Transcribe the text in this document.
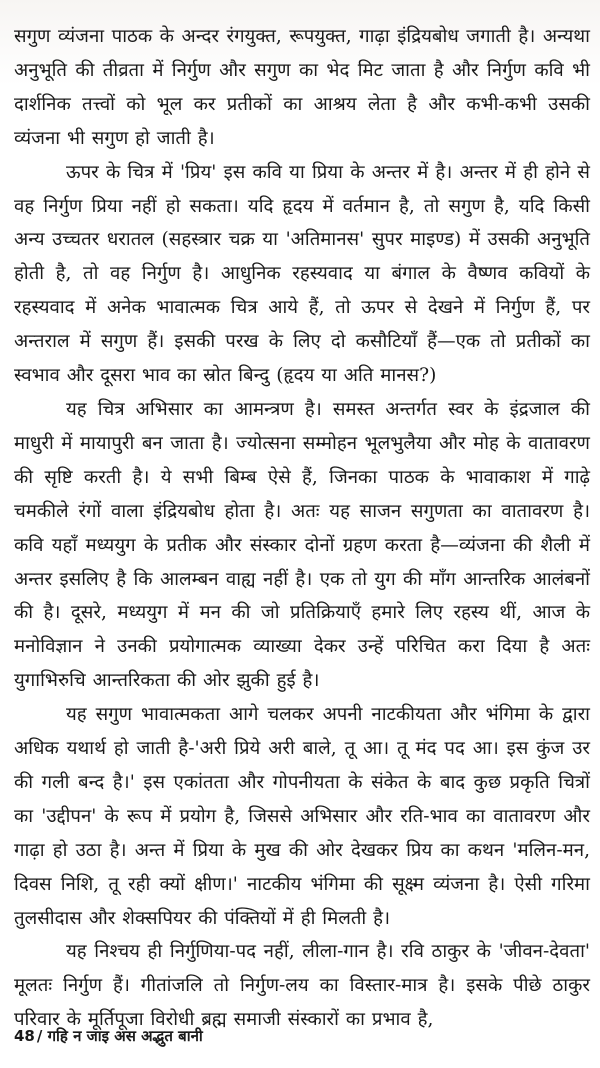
सगुण व्यंजना पाठक के अन्दर रंगयुक्त, रूपयुक्त, गाढ़ा इंद्रियबोध जगाती है। अन्यथा अनुभूति की तीव्रता में निर्गुण और सगुण का भेद मिट जाता है और निर्गुण कवि भी दार्शनिक तत्त्वों को भूल कर प्रतीकों का आश्रय लेता है और कभी-कभी उसकी व्यंजना भी सगुण हो जाती है।

ऊपर के चित्र में 'प्रिय' इस कवि या प्रिया के अन्तर में है। अन्तर में ही होने से वह निर्गुण प्रिया नहीं हो सकता। यदि हृदय में वर्तमान है, तो सगुण है, यदि किसी अन्य उच्चतर धरातल (सहस्त्रार चक्र या 'अतिमानस' सुपर माइण्ड) में उसकी अनुभूति होती है, तो वह निर्गुण है। आधुनिक रहस्यवाद या बंगाल के वैष्णव कवियों के रहस्यवाद में अनेक भावात्मक चित्र आये हैं, तो ऊपर से देखने में निर्गुण हैं, पर अन्तराल में सगुण हैं। इसकी परख के लिए दो कसौटियाँ हैं—एक तो प्रतीकों का स्वभाव और दूसरा भाव का स्रोत बिन्दु (हृदय या अति मानस?)

यह चित्र अभिसार का आमन्त्रण है। समस्त अन्तर्गत स्वर के इंद्रजाल की माधुरी में मायापुरी बन जाता है। ज्योत्सना सम्मोहन भूलभुलैया और मोह के वातावरण की सृष्टि करती है। ये सभी बिम्ब ऐसे हैं, जिनका पाठक के भावाकाश में गाढ़े चमकीले रंगों वाला इंद्रियबोध होता है। अतः यह साजन सगुणता का वातावरण है। कवि यहाँ मध्ययुग के प्रतीक और संस्कार दोनों ग्रहण करता है—व्यंजना की शैली में अन्तर इसलिए है कि आलम्बन वाह्य नहीं है। एक तो युग की माँग आन्तरिक आलंबनों की है। दूसरे, मध्ययुग में मन की जो प्रतिक्रियाएँ हमारे लिए रहस्य थीं, आज के मनोविज्ञान ने उनकी प्रयोगात्मक व्याख्या देकर उन्हें परिचित करा दिया है अतः युगाभिरुचि आन्तरिकता की ओर झुकी हुई है।

यह सगुण भावात्मकता आगे चलकर अपनी नाटकीयता और भंगिमा के द्वारा अधिक यथार्थ हो जाती है-'अरी प्रिये अरी बाले, तू आ। तू मंद पद आ। इस कुंज उर की गली बन्द है।' इस एकांतता और गोपनीयता के संकेत के बाद कुछ प्रकृति चित्रों का 'उद्दीपन' के रूप में प्रयोग है, जिससे अभिसार और रति-भाव का वातावरण और गाढ़ा हो उठा है। अन्त में प्रिया के मुख की ओर देखकर प्रिय का कथन 'मलिन-मन, दिवस निशि, तू रही क्यों क्षीण।' नाटकीय भंगिमा की सूक्ष्म व्यंजना है। ऐसी गरिमा तुलसीदास और शेक्सपियर की पंक्तियों में ही मिलती है।

यह निश्चय ही निर्गुणिया-पद नहीं, लीला-गान है। रवि ठाकुर के 'जीवन-देवता' मूलतः निर्गुण हैं। गीतांजलि तो निर्गुण-लय का विस्तार-मात्र है। इसके पीछे ठाकुर परिवार के मूर्तिपूजा विरोधी ब्रह्म समाजी संस्कारों का प्रभाव है,

48 / गहि न जाइ अस अद्भुत बानी
